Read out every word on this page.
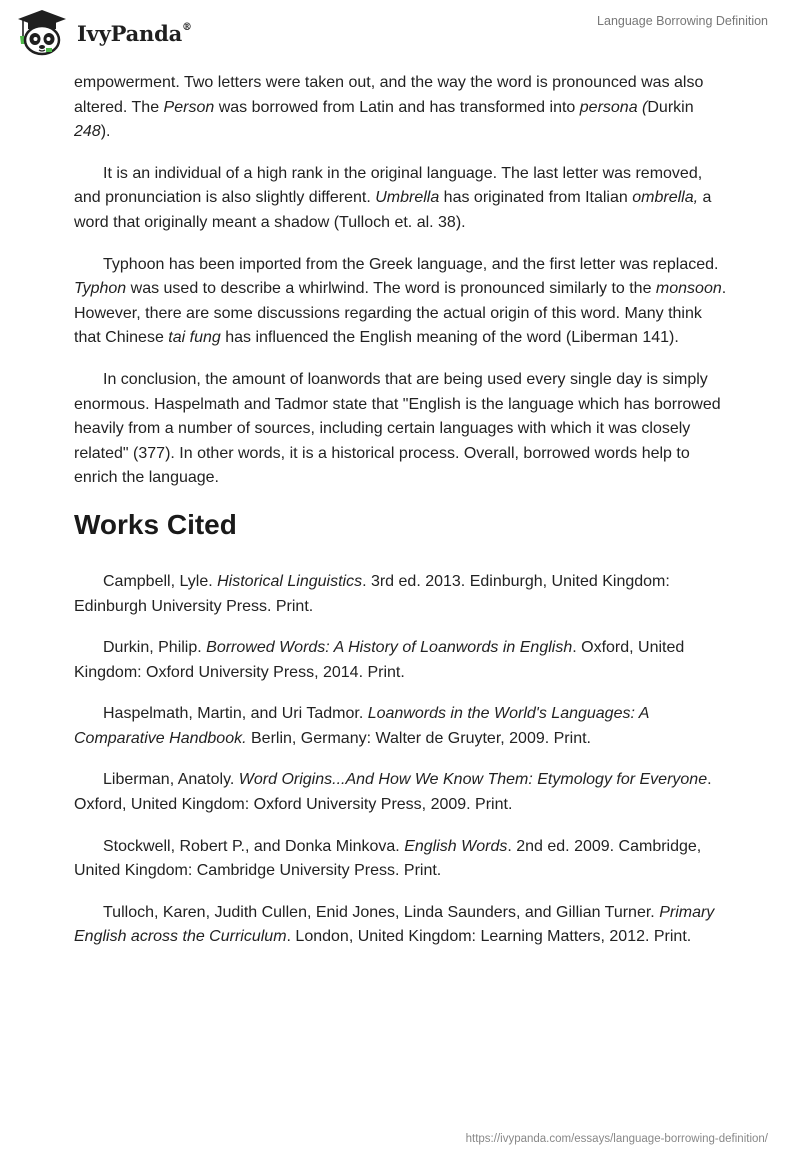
IvyPanda®	Language Borrowing Definition

empowerment. Two letters were taken out, and the way the word is pronounced was also altered. The Person was borrowed from Latin and has transformed into persona (Durkin 248).

It is an individual of a high rank in the original language. The last letter was removed, and pronunciation is also slightly different. Umbrella has originated from Italian ombrella, a word that originally meant a shadow (Tulloch et. al. 38).

Typhoon has been imported from the Greek language, and the first letter was replaced. Typhon was used to describe a whirlwind. The word is pronounced similarly to the monsoon. However, there are some discussions regarding the actual origin of this word. Many think that Chinese tai fung has influenced the English meaning of the word (Liberman 141).

In conclusion, the amount of loanwords that are being used every single day is simply enormous. Haspelmath and Tadmor state that "English is the language which has borrowed heavily from a number of sources, including certain languages with which it was closely related" (377). In other words, it is a historical process. Overall, borrowed words help to enrich the language.

Works Cited

Campbell, Lyle. Historical Linguistics. 3rd ed. 2013. Edinburgh, United Kingdom: Edinburgh University Press. Print.

Durkin, Philip. Borrowed Words: A History of Loanwords in English. Oxford, United Kingdom: Oxford University Press, 2014. Print.

Haspelmath, Martin, and Uri Tadmor. Loanwords in the World's Languages: A Comparative Handbook. Berlin, Germany: Walter de Gruyter, 2009. Print.

Liberman, Anatoly. Word Origins...And How We Know Them: Etymology for Everyone. Oxford, United Kingdom: Oxford University Press, 2009. Print.

Stockwell, Robert P., and Donka Minkova. English Words. 2nd ed. 2009. Cambridge, United Kingdom: Cambridge University Press. Print.

Tulloch, Karen, Judith Cullen, Enid Jones, Linda Saunders, and Gillian Turner. Primary English across the Curriculum. London, United Kingdom: Learning Matters, 2012. Print.

https://ivypanda.com/essays/language-borrowing-definition/
